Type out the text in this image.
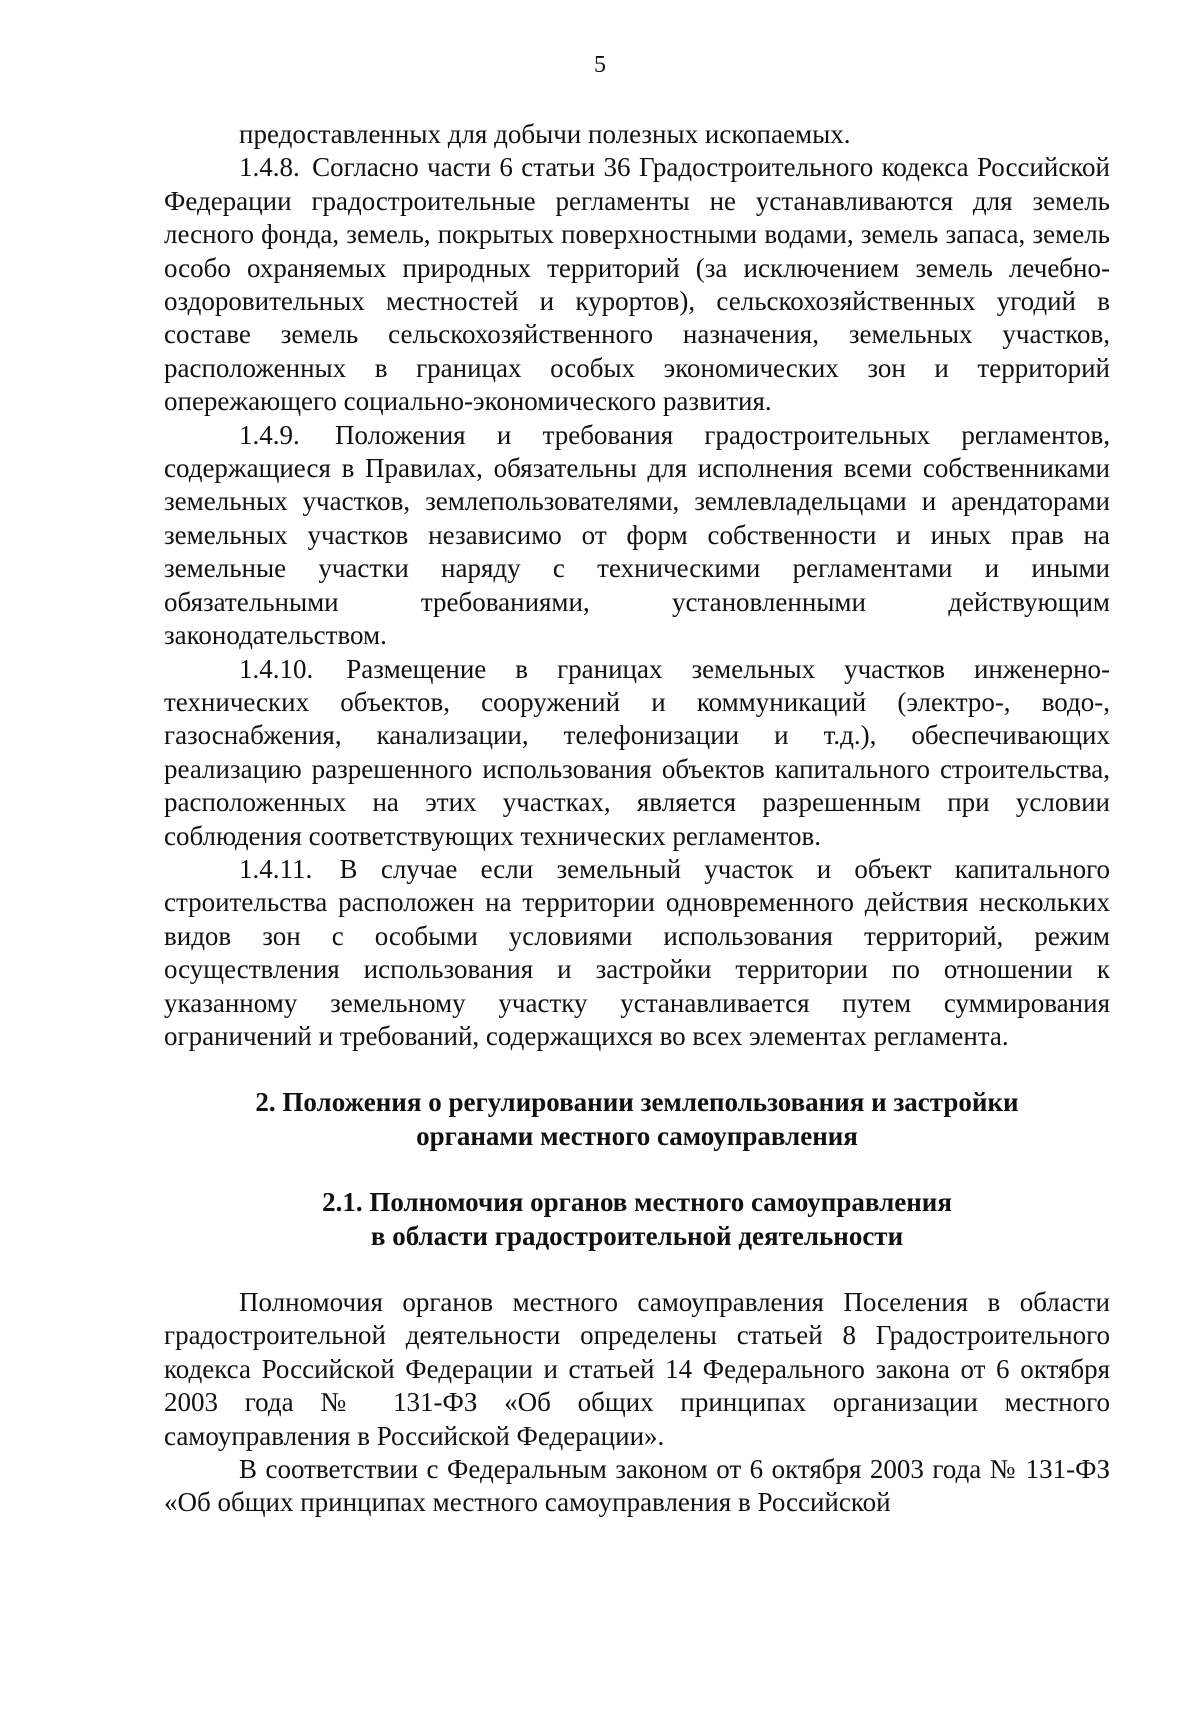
5

предоставленных для добычи полезных ископаемых.

1.4.8. Согласно части 6 статьи 36 Градостроительного кодекса Российской Федерации градостроительные регламенты не устанавливаются для земель лесного фонда, земель, покрытых поверхностными водами, земель запаса, земель особо охраняемых природных территорий (за исключением земель лечебно-оздоровительных местностей и курортов), сельскохозяйственных угодий в составе земель сельскохозяйственного назначения, земельных участков, расположенных в границах особых экономических зон и территорий опережающего социально-экономического развития.

1.4.9. Положения и требования градостроительных регламентов, содержащиеся в Правилах, обязательны для исполнения всеми собственниками земельных участков, землепользователями, землевладельцами и арендаторами земельных участков независимо от форм собственности и иных прав на земельные участки наряду с техническими регламентами и иными обязательными требованиями, установленными действующим законодательством.

1.4.10. Размещение в границах земельных участков инженерно-технических объектов, сооружений и коммуникаций (электро-, водо-, газоснабжения, канализации, телефонизации и т.д.), обеспечивающих реализацию разрешенного использования объектов капитального строительства, расположенных на этих участках, является разрешенным при условии соблюдения соответствующих технических регламентов.

1.4.11. В случае если земельный участок и объект капитального строительства расположен на территории одновременного действия нескольких видов зон с особыми условиями использования территорий, режим осуществления использования и застройки территории по отношении к указанному земельному участку устанавливается путем суммирования ограничений и требований, содержащихся во всех элементах регламента.

2. Положения о регулировании землепользования и застройки
органами местного самоуправления

2.1. Полномочия органов местного самоуправления
в области градостроительной деятельности

Полномочия органов местного самоуправления Поселения в области градостроительной деятельности определены статьей 8 Градостроительного кодекса Российской Федерации и статьей 14 Федерального закона от 6 октября 2003 года № 131-ФЗ «Об общих принципах организации местного самоуправления в Российской Федерации».

В соответствии с Федеральным законом от 6 октября 2003 года № 131-ФЗ «Об общих принципах местного самоуправления в Российской
